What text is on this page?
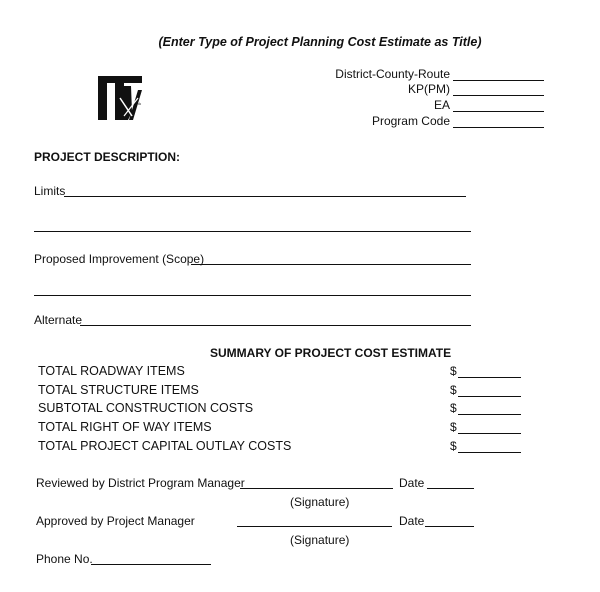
(Enter Type of Project Planning Cost Estimate as Title)
ink
District-County-Route
KP(PM)
EA
Program Code
PROJECT DESCRIPTION:
Limits
Proposed Improvement (Scope)
Alternate
SUMMARY OF PROJECT COST ESTIMATE
TOTAL ROADWAY ITEMS	$
TOTAL STRUCTURE ITEMS	$
SUBTOTAL CONSTRUCTION COSTS	$
TOTAL RIGHT OF WAY ITEMS	$
TOTAL PROJECT CAPITAL OUTLAY COSTS	$
Reviewed by District Program Manager	Date
(Signature)
Approved by Project Manager	Date
(Signature)
Phone No.
